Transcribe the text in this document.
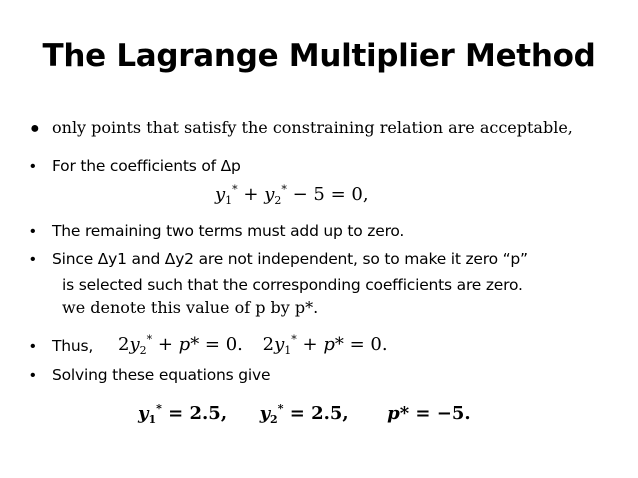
The Lagrange Multiplier Method
● only points that satisfy the constraining relation are acceptable,
•	For the coefficients of Δp
$y_1^* + y_2^* - 5 = 0$,
•	The remaining two terms must add up to zero.
•	Since Δy1 and Δy2 are not independent, so to make it zero “p”
is selected such that the corresponding coefficients are zero.
we denote this value of p by p*.
•	Thus, $2y_2^* + p* = 0$. $2y_1^* + p* = 0$.
•	Solving these equations give
$y_1^* = 2.5$, $y_2^* = 2.5$, p* = −5.
